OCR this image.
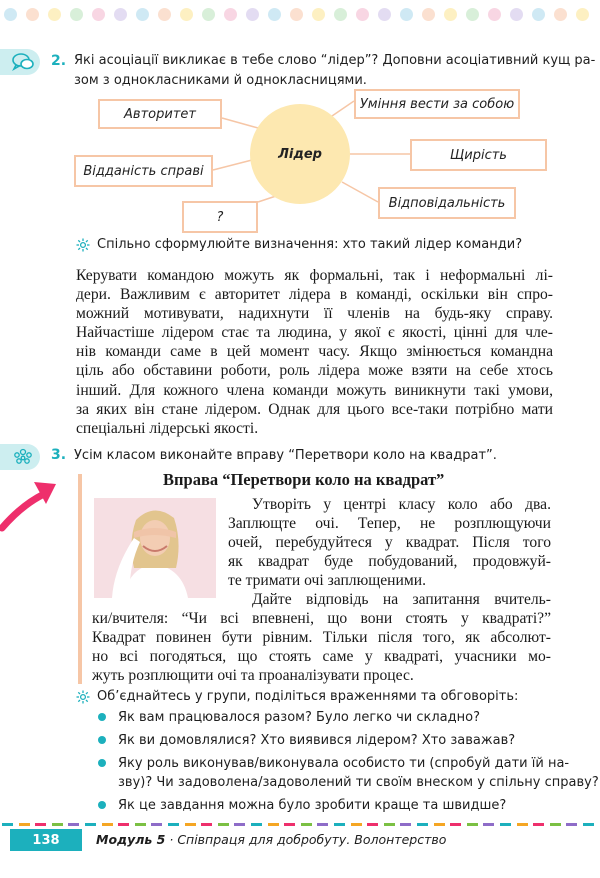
2. Які асоціації викликає в тебе слово “лідер”? Доповни асоціативний кущ ра-
зом з однокласниками й однокласницями.
Лідер
Авторитет
Уміння вести за собою
Відданість справі
Щирість
Відповідальність
?
Спільно сформулюйте визначення: хто такий лідер команди?
Керувати командою можуть як формальні, так і неформальні лі-
дери. Важливим є авторитет лідера в команді, оскільки він спро-
можний мотивувати, надихнути її членів на будь-яку справу.
Найчастіше лідером стає та людина, у якої є якості, цінні для чле-
нів команди саме в цей момент часу. Якщо змінюється командна
ціль або обставини роботи, роль лідера може взяти на себе хтось
інший. Для кожного члена команди можуть виникнути такі умови,
за яких він стане лідером. Однак для цього все-таки потрібно мати
спеціальні лідерські якості.
3. Усім класом виконайте вправу “Перетвори коло на квадрат”.
Вправа “Перетвори коло на квадрат”
Утворіть у центрі класу коло або два.
Заплющте очі. Тепер, не розплющуючи
очей, перебудуйтеся у квадрат. Після того
як квадрат буде побудований, продовжуй-
те тримати очі заплющеними.
Дайте відповідь на запитання вчитель-
ки/вчителя: “Чи всі впевнені, що вони стоять у квадраті?”
Квадрат повинен бути рівним. Тільки після того, як абсолют-
но всі погодяться, що стоять саме у квадраті, учасники мо-
жуть розплющити очі та проаналізувати процес.
Об’єднайтесь у групи, поділіться враженнями та обговоріть:
Як вам працювалося разом? Було легко чи складно?
Як ви домовлялися? Хто виявився лідером? Хто заважав?
Яку роль виконував/виконувала особисто ти (спробуй дати їй на-
зву)? Чи задоволена/задоволений ти своїм внеском у спільну справу?
Як це завдання можна було зробити краще та швидше?
138	Модуль 5 · Співпраця для добробуту. Волонтерство
